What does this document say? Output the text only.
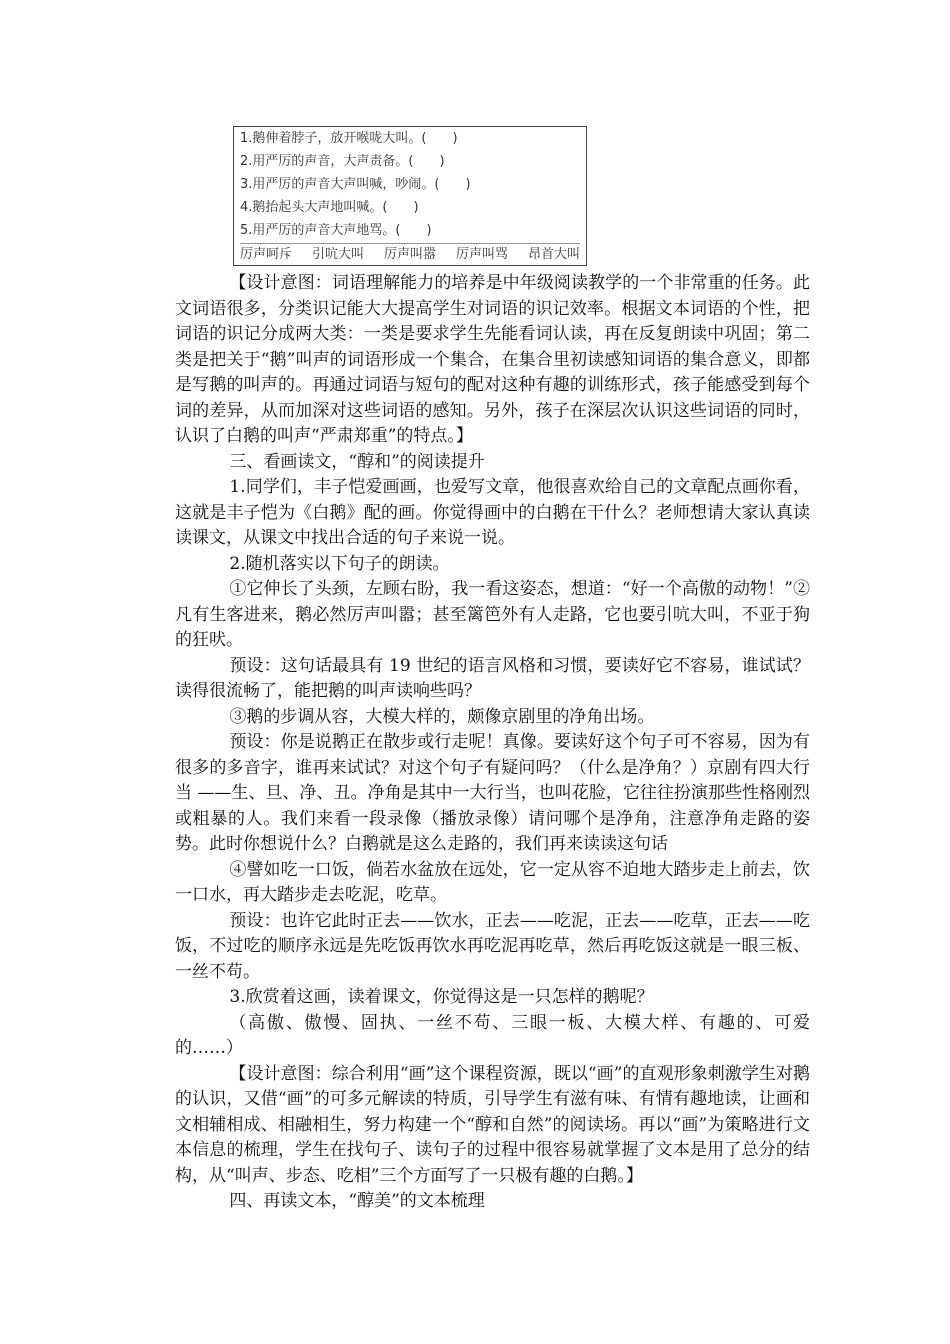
1.鹅伸着脖子，放开喉咙大叫。(　　)
2.用严厉的声音，大声责备。(　　)
3.用严厉的声音大声叫喊，吵闹。(　　)
4.鹅抬起头大声地叫喊。(　　)
5.用严厉的声音大声地骂。(　　)
厉声呵斥 引吭大叫 厉声叫嚣 厉声叫骂 昂首大叫

【设计意图：词语理解能力的培养是中年级阅读教学的一个非常重的任务。此文词语很多，分类识记能大大提高学生对词语的识记效率。根据文本词语的个性，把词语的识记分成两大类：一类是要求学生先能看词认读，再在反复朗读中巩固；第二类是把关于“鹅”叫声的词语形成一个集合，在集合里初读感知词语的集合意义，即都是写鹅的叫声的。再通过词语与短句的配对这种有趣的训练形式，孩子能感受到每个词的差异，从而加深对这些词语的感知。另外，孩子在深层次认识这些词语的同时，认识了白鹅的叫声“严肃郑重”的特点。】

三、看画读文，“醇和”的阅读提升

1.同学们，丰子恺爱画画，也爱写文章，他很喜欢给自己的文章配点画你看，这就是丰子恺为《白鹅》配的画。你觉得画中的白鹅在干什么？老师想请大家认真读读课文，从课文中找出合适的句子来说一说。

2.随机落实以下句子的朗读。

①它伸长了头颈，左顾右盼，我一看这姿态，想道：“好一个高傲的动物！”②凡有生客进来，鹅必然厉声叫嚣；甚至篱笆外有人走路，它也要引吭大叫，不亚于狗的狂吠。

预设：这句话最具有 19 世纪的语言风格和习惯，要读好它不容易，谁试试？读得很流畅了，能把鹅的叫声读响些吗？

③鹅的步调从容，大模大样的，颇像京剧里的净角出场。

预设：你是说鹅正在散步或行走呢！真像。要读好这个句子可不容易，因为有很多的多音字，谁再来试试？对这个句子有疑问吗？（什么是净角？）京剧有四大行当 ——生、旦、净、丑。净角是其中一大行当，也叫花脸，它往往扮演那些性格刚烈或粗暴的人。我们来看一段录像（播放录像）请问哪个是净角，注意净角走路的姿势。此时你想说什么？白鹅就是这么走路的，我们再来读读这句话

④譬如吃一口饭，倘若水盆放在远处，它一定从容不迫地大踏步走上前去，饮一口水，再大踏步走去吃泥，吃草。

预设：也许它此时正去——饮水，正去——吃泥，正去——吃草，正去——吃饭，不过吃的顺序永远是先吃饭再饮水再吃泥再吃草，然后再吃饭这就是一眼三板、一丝不苟。

3.欣赏着这画，读着课文，你觉得这是一只怎样的鹅呢？

（高傲、傲慢、固执、一丝不苟、三眼一板、大模大样、有趣的、可爱的……）

【设计意图：综合利用“画”这个课程资源，既以“画”的直观形象刺激学生对鹅的认识，又借“画”的可多元解读的特质，引导学生有滋有味、有情有趣地读，让画和文相辅相成、相融相生，努力构建一个“醇和自然”的阅读场。再以“画”为策略进行文本信息的梳理，学生在找句子、读句子的过程中很容易就掌握了文本是用了总分的结构，从“叫声、步态、吃相”三个方面写了一只极有趣的白鹅。】

四、再读文本，“醇美”的文本梳理
